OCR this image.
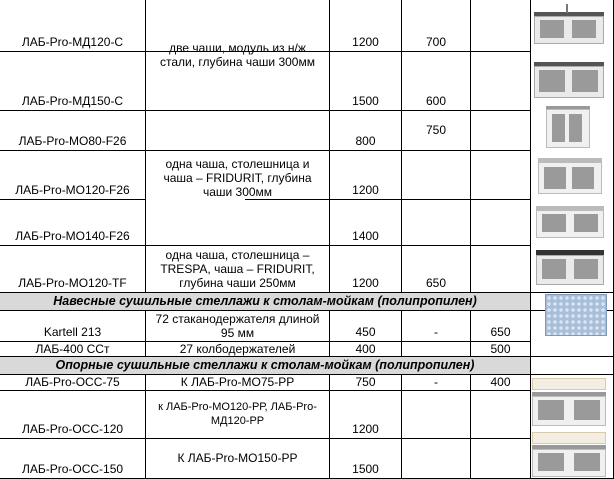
Навесные сушильные стеллажи к столам-мойкам (полипропилен)
Опорные сушильные стеллажи к столам-мойкам (полипропилен)
ЛАБ-Pro-МД120-С
ЛАБ-Pro-МД150-С
ЛАБ-Pro-МО80-F26
ЛАБ-Pro-МО120-F26
ЛАБ-Pro-МО140-F26
ЛАБ-Pro-МО120-TF
Kartell 213
ЛАБ-400 ССт
ЛАБ-Pro-ОСС-75
ЛАБ-Pro-ОСС-120
ЛАБ-Pro-ОСС-150
две чаши, модуль из н/ж стали, глубина чаши 300мм
одна чаша, столешница и чаша – FRIDURIT, глубина чаши 300мм
одна чаша, столешница – TRESPA, чаша – FRIDURIT, глубина чаши 250мм
72 стаканодержателя длиной 95 мм
27 колбодержателей
К ЛАБ-Pro-МО75-РР
к ЛАБ-Pro-МО120-РР, ЛАБ-Pro-МД120-РР
К ЛАБ-Pro-МО150-РР
1200
1500
800
1200
1400
1200
450
400
750
1200
1500
700
600
750
650
-
-
650
500
400
